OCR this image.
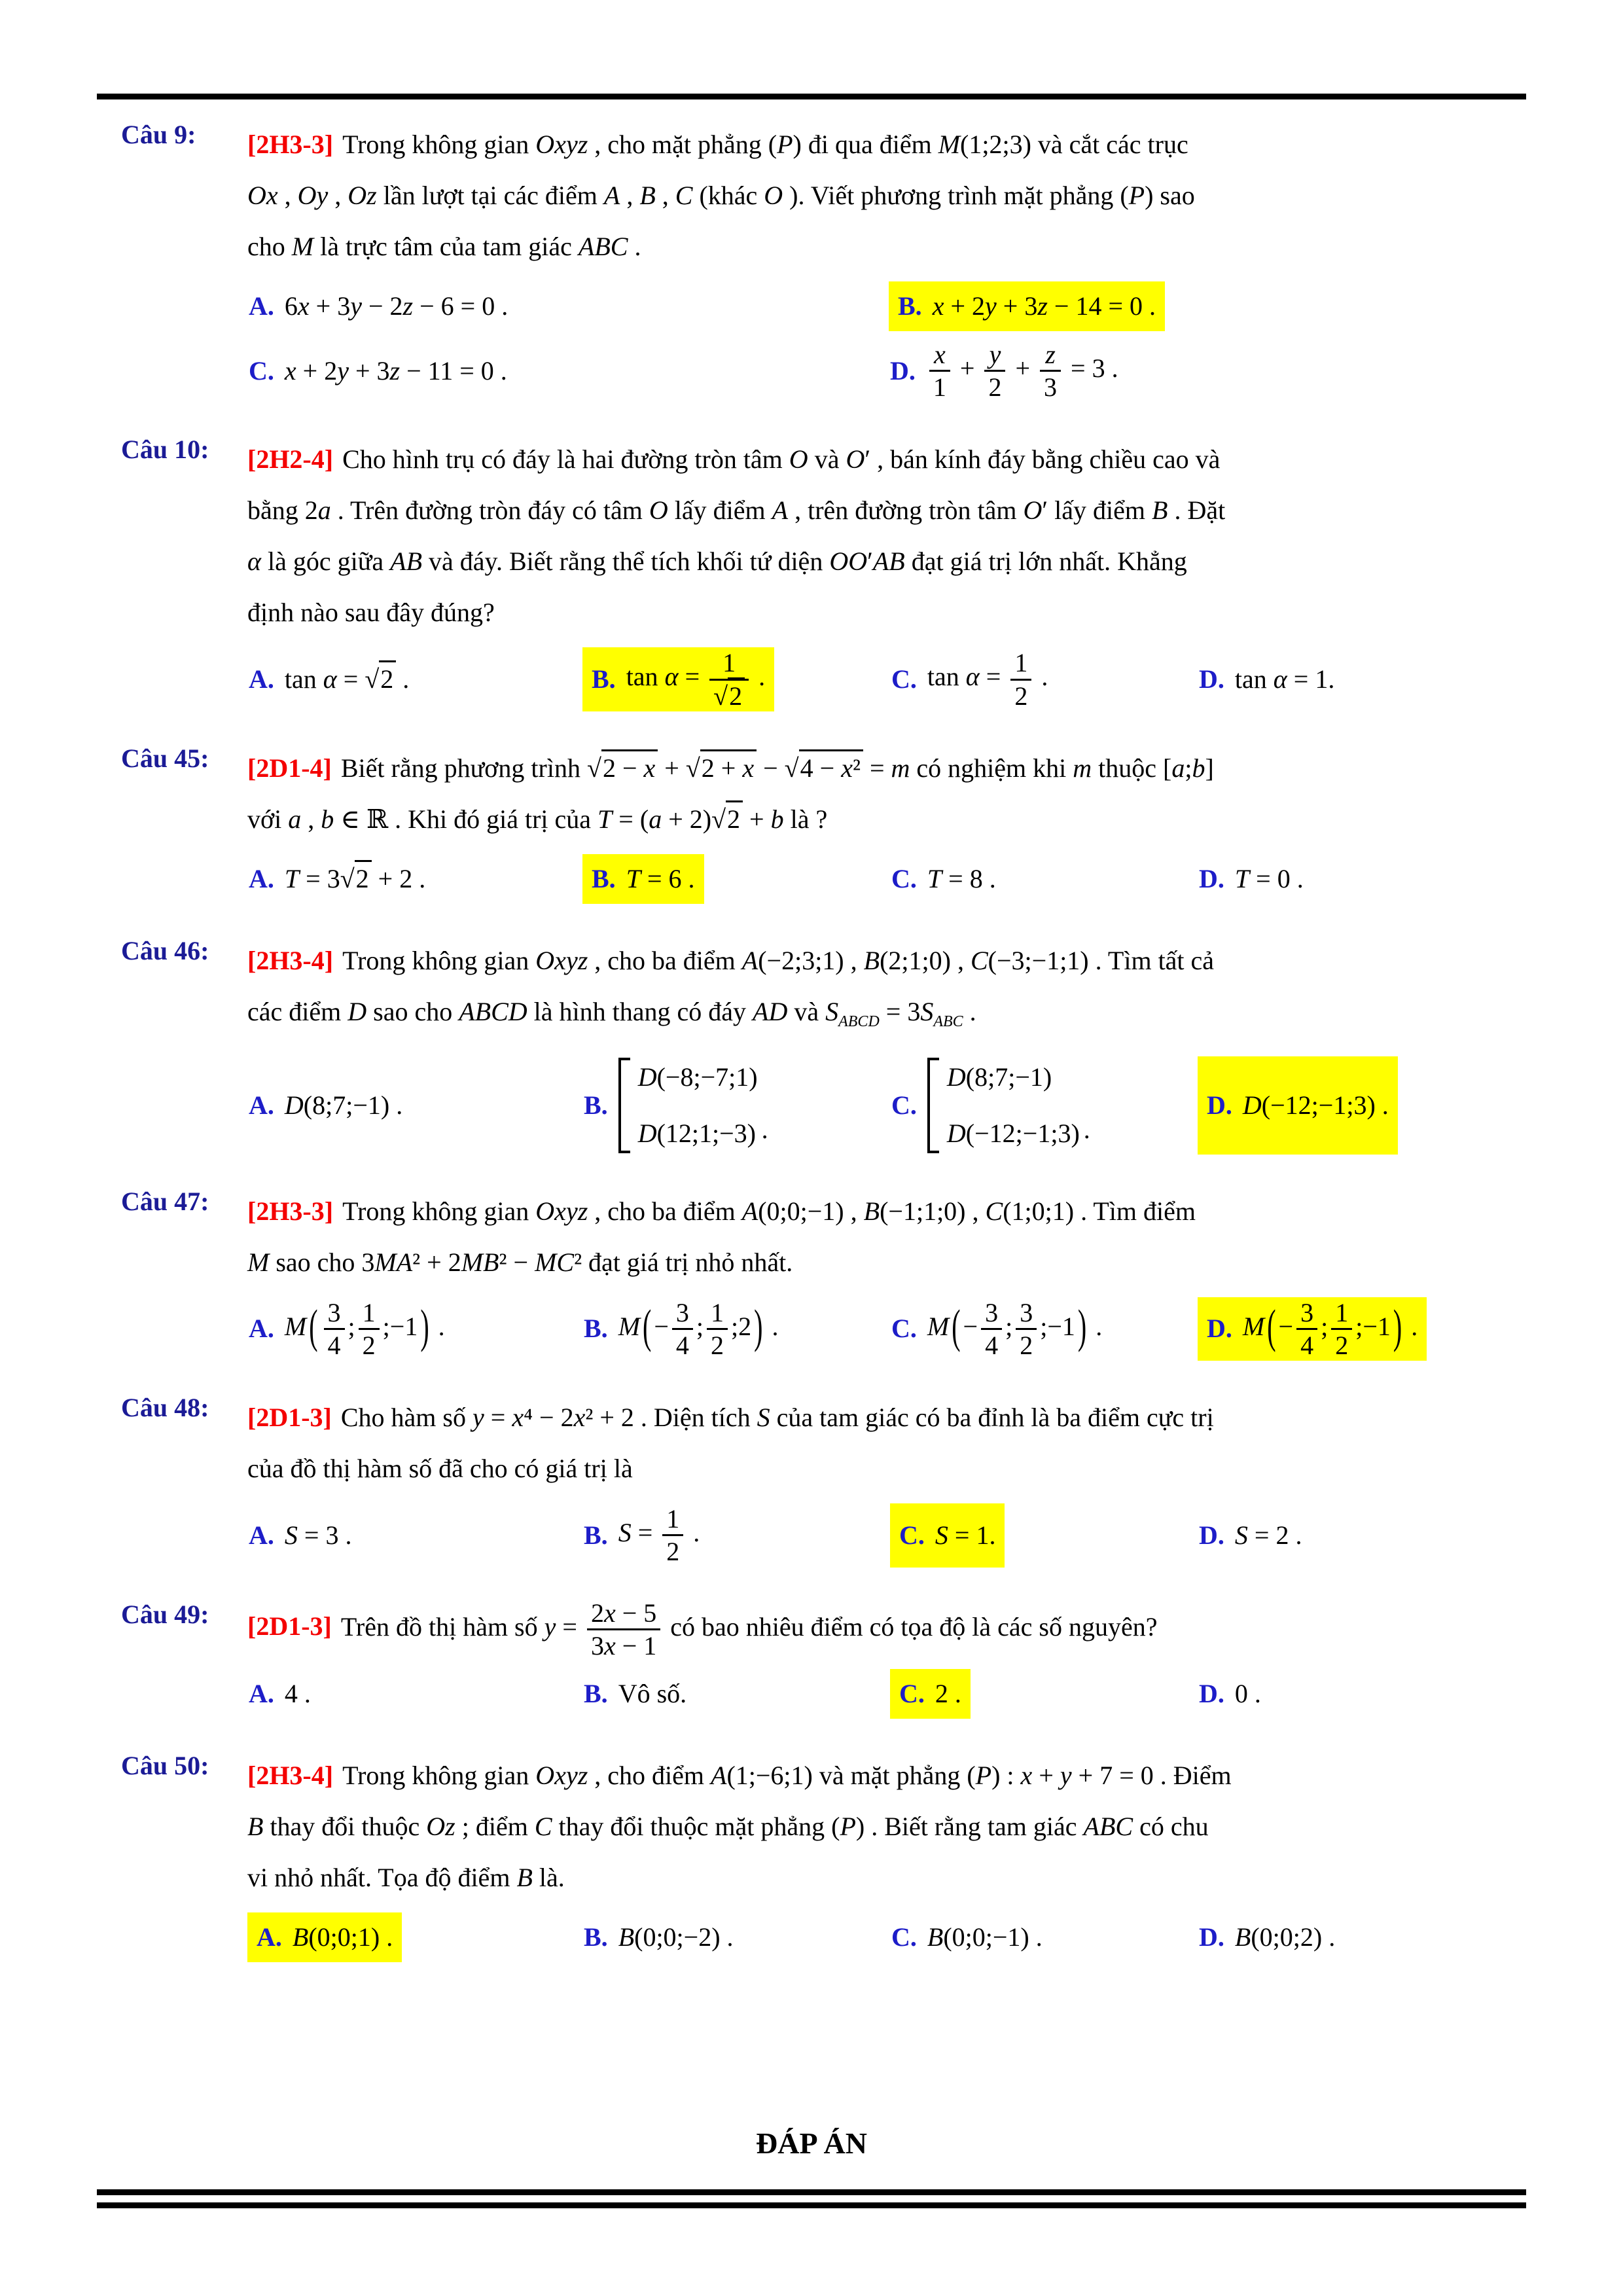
Câu 9:	[2H3-3] Trong không gian Oxyz , cho mặt phẳng (P) đi qua điểm M(1;2;3) và cắt các trục

Ox , Oy , Oz lần lượt tại các điểm A , B , C (khác O ). Viết phương trình mặt phẳng (P) sao

cho M là trực tâm của tam giác ABC .

A. 6x + 3y − 2z − 6 = 0 .	B. x + 2y + 3z − 14 = 0 .
C. x + 2y + 3z − 11 = 0 .	D. $\frac{x}{1} + \frac{y}{2} + \frac{z}{3} = 3$ .
Câu 10:	[2H2-4] Cho hình trụ có đáy là hai đường tròn tâm O và O′ , bán kính đáy bằng chiều cao và

bằng 2a . Trên đường tròn đáy có tâm O lấy điểm A , trên đường tròn tâm O′ lấy điểm B . Đặt

α là góc giữa AB và đáy. Biết rằng thể tích khối tứ diện OO′AB đạt giá trị lớn nhất. Khẳng

định nào sau đây đúng?

A. tan α = √2 .	B. $\tan \alpha = \frac{1}{√2}$ .	C. $\tan \alpha = \frac{1}{2}$ .	D. tan α = 1.
Câu 45:	[2D1-4] Biết rằng phương trình √2 − x + √2 + x − √4 − x² = m có nghiệm khi m thuộc [a;b]

với a , b ∈ ℝ . Khi đó giá trị của T = (a + 2)√2 + b là ?

A. T = 3√2 + 2 .	B. T = 6 .	C. T = 8 .	D. T = 0 .
Câu 46:	[2H3-4] Trong không gian Oxyz , cho ba điểm A(−2;3;1) , B(2;1;0) , C(−3;−1;1) . Tìm tất cả

các điểm D sao cho ABCD là hình thang có đáy AD và $S_{ABCD} = 3S_{ABC}$ .

A. D(8;7;−1) .	B.
D(−8;−7;1)
D(12;1;−3) .
C.
D(8;7;−1)
D(−12;−1;3) .
D. D(−12;−1;3) .
Câu 47:	[2H3-3] Trong không gian Oxyz , cho ba điểm A(0;0;−1) , B(−1;1;0) , C(1;0;1) . Tìm điểm

M sao cho 3MA² + 2MB² − MC² đạt giá trị nhỏ nhất.

A. M ( $\frac{3}{4}$ ; $\frac{1}{2}$ ;−1 ) .	B. M ( − $\frac{3}{4}$ ; $\frac{1}{2}$ ;2 ) .	C. M ( − $\frac{3}{4}$ ; $\frac{3}{2}$ ;−1 ) .	D. M ( − $\frac{3}{4}$ ; $\frac{1}{2}$ ;−1 ) .
Câu 48:	[2D1-3] Cho hàm số y = x⁴ − 2x² + 2 . Diện tích S của tam giác có ba đỉnh là ba điểm cực trị

của đồ thị hàm số đã cho có giá trị là

A. S = 3 .	B. $S = \frac{1}{2}$ .	C. S = 1.	D. S = 2 .
Câu 49:	[2D1-3] Trên đồ thị hàm số $y = \frac{2x - 5}{3x - 1}$ có bao nhiêu điểm có tọa độ là các số nguyên?

A. 4 .	B. Vô số.	C. 2 .	D. 0 .
Câu 50:	[2H3-4] Trong không gian Oxyz , cho điểm A(1;−6;1) và mặt phẳng (P) : x + y + 7 = 0 . Điểm

B thay đổi thuộc Oz ; điểm C thay đổi thuộc mặt phẳng (P) . Biết rằng tam giác ABC có chu

vi nhỏ nhất. Tọa độ điểm B là.

A. B(0;0;1) .	B. B(0;0;−2) .	C. B(0;0;−1) .	D. B(0;0;2) .
ĐÁP ÁN
